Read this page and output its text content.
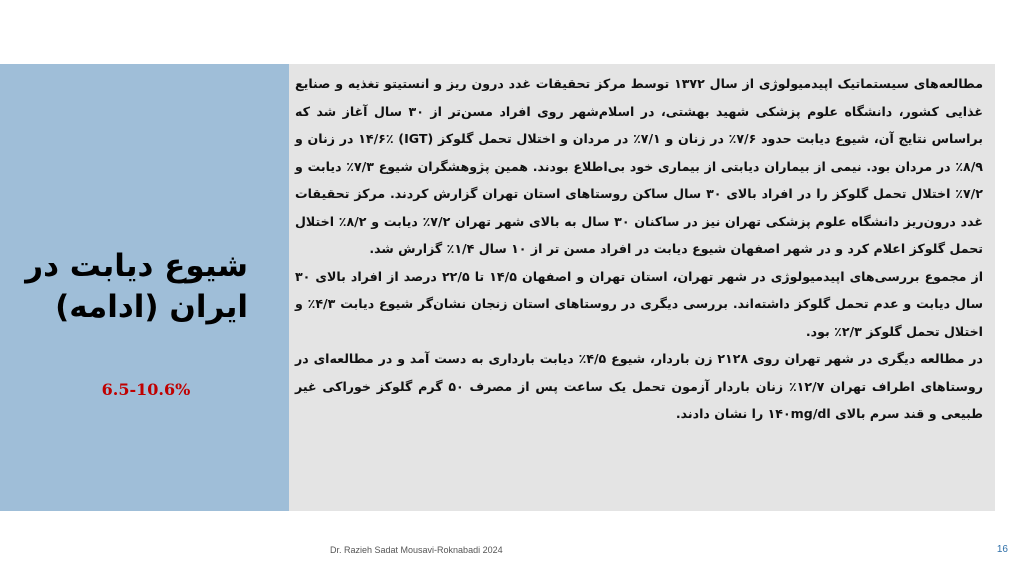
شیوع دیابت در ایران (ادامه)
6.5-10.6%

مطالعه‌های سیستماتیک اپیدمیولوژی از سال ۱۳۷۲ توسط مرکز تحقیقات غدد درون ریز و انستیتو تغذیه و صنایع غذایی کشور، دانشگاه علوم پزشکی شهید بهشتی، در اسلام‌شهر روی افراد مسن‌تر از ۳۰ سال آغاز شد که براساس نتایج آن، شیوع دیابت حدود ۷/۶٪ در زنان و ۷/۱٪ در مردان و اختلال تحمل گلوکز (IGT) ۱۴/۶٪ در زنان و ۸/۹٪ در مردان بود. نیمی از بیماران دیابتی از بیماری خود بی‌اطلاع بودند. همین پژوهشگران شیوع ۷/۳٪ دیابت و ۷/۲٪ اختلال تحمل گلوکز را در افراد بالای ۳۰ سال ساکن روستاهای استان تهران گزارش کردند. مرکز تحقیقات غدد درون‌ریز دانشگاه علوم پزشکی تهران نیز در ساکنان ۳۰ سال به بالای شهر تهران ۷/۲٪ دیابت و ۸/۲٪ اختلال تحمل گلوکز اعلام کرد و در شهر اصفهان شیوع دیابت در افراد مسن تر از ۱۰ سال ۱/۴٪ گزارش شد.

از مجموع بررسی‌های اپیدمیولوژی در شهر تهران، استان تهران و اصفهان ۱۴/۵ تا ۲۲/۵ درصد از افراد بالای ۳۰ سال دیابت و عدم تحمل گلوکز داشته‌اند. بررسی دیگری در روستاهای استان زنجان نشان‌گر شیوع دیابت ۴/۳٪ و اختلال تحمل گلوکز ۲/۳٪ بود.

در مطالعه دیگری در شهر تهران روی ۲۱۲۸ زن باردار، شیوع ۴/۵٪ دیابت بارداری به دست آمد و در مطالعه‌ای در روستاهای اطراف تهران ۱۲/۷٪ زنان باردار آزمون تحمل یک ساعت پس از مصرف ۵۰ گرم گلوکز خوراکی غیر طبیعی و قند سرم بالای ۱۴۰mg/dl را نشان دادند.

Dr. Razieh Sadat Mousavi-Roknabadi 2024	16
